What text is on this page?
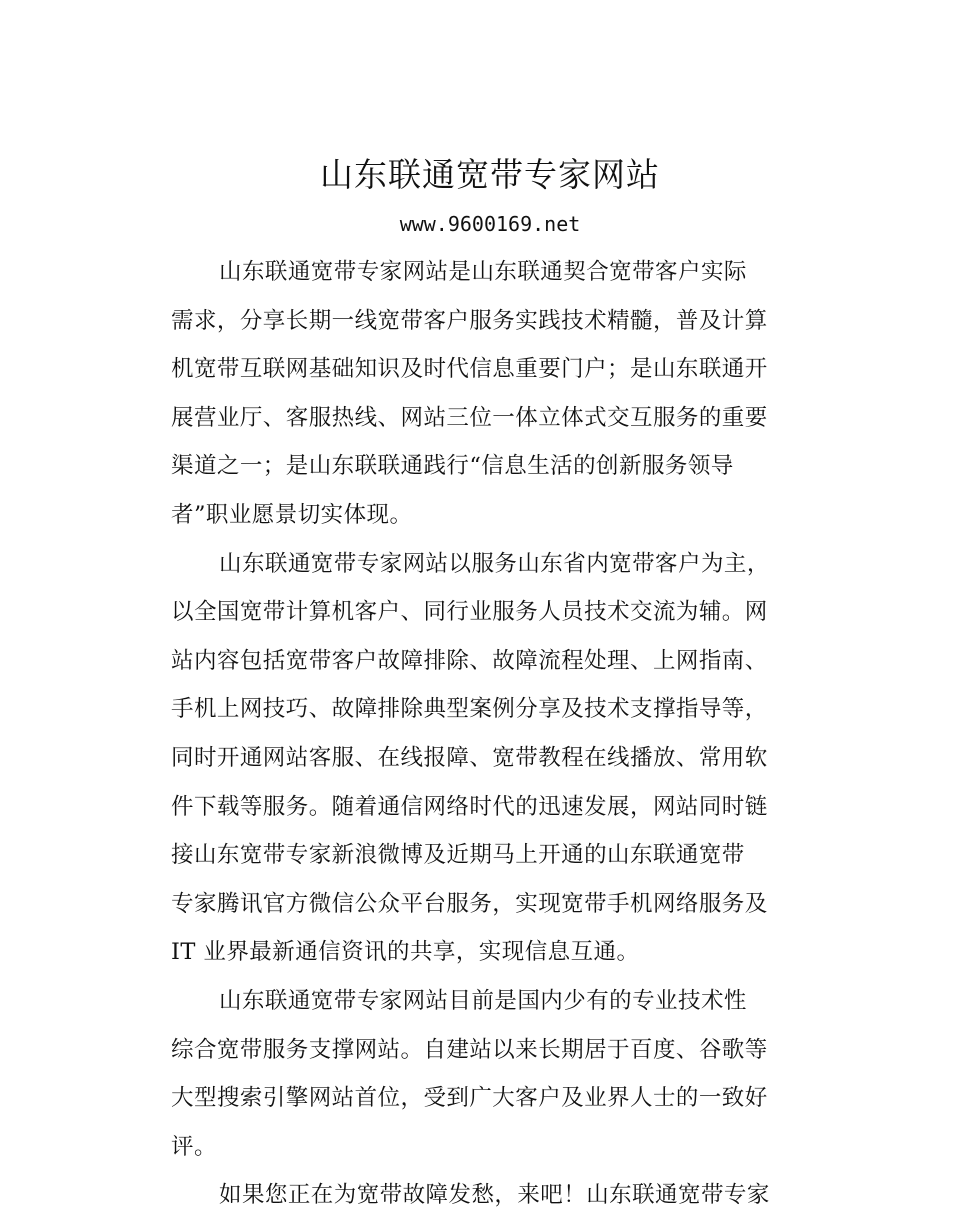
山东联通宽带专家网站
www.9600169.net

山东联通宽带专家网站是山东联通契合宽带客户实际
需求，分享长期一线宽带客户服务实践技术精髓，普及计算
机宽带互联网基础知识及时代信息重要门户；是山东联通开
展营业厅、客服热线、网站三位一体立体式交互服务的重要
渠道之一；是山东联联通践行“信息生活的创新服务领导
者”职业愿景切实体现。

山东联通宽带专家网站以服务山东省内宽带客户为主，
以全国宽带计算机客户、同行业服务人员技术交流为辅。网
站内容包括宽带客户故障排除、故障流程处理、上网指南、
手机上网技巧、故障排除典型案例分享及技术支撑指导等，
同时开通网站客服、在线报障、宽带教程在线播放、常用软
件下载等服务。随着通信网络时代的迅速发展，网站同时链
接山东宽带专家新浪微博及近期马上开通的山东联通宽带
专家腾讯官方微信公众平台服务，实现宽带手机网络服务及
IT 业界最新通信资讯的共享，实现信息互通。

山东联通宽带专家网站目前是国内少有的专业技术性
综合宽带服务支撑网站。自建站以来长期居于百度、谷歌等
大型搜索引擎网站首位，受到广大客户及业界人士的一致好
评。

如果您正在为宽带故障发愁，来吧！山东联通宽带专家
